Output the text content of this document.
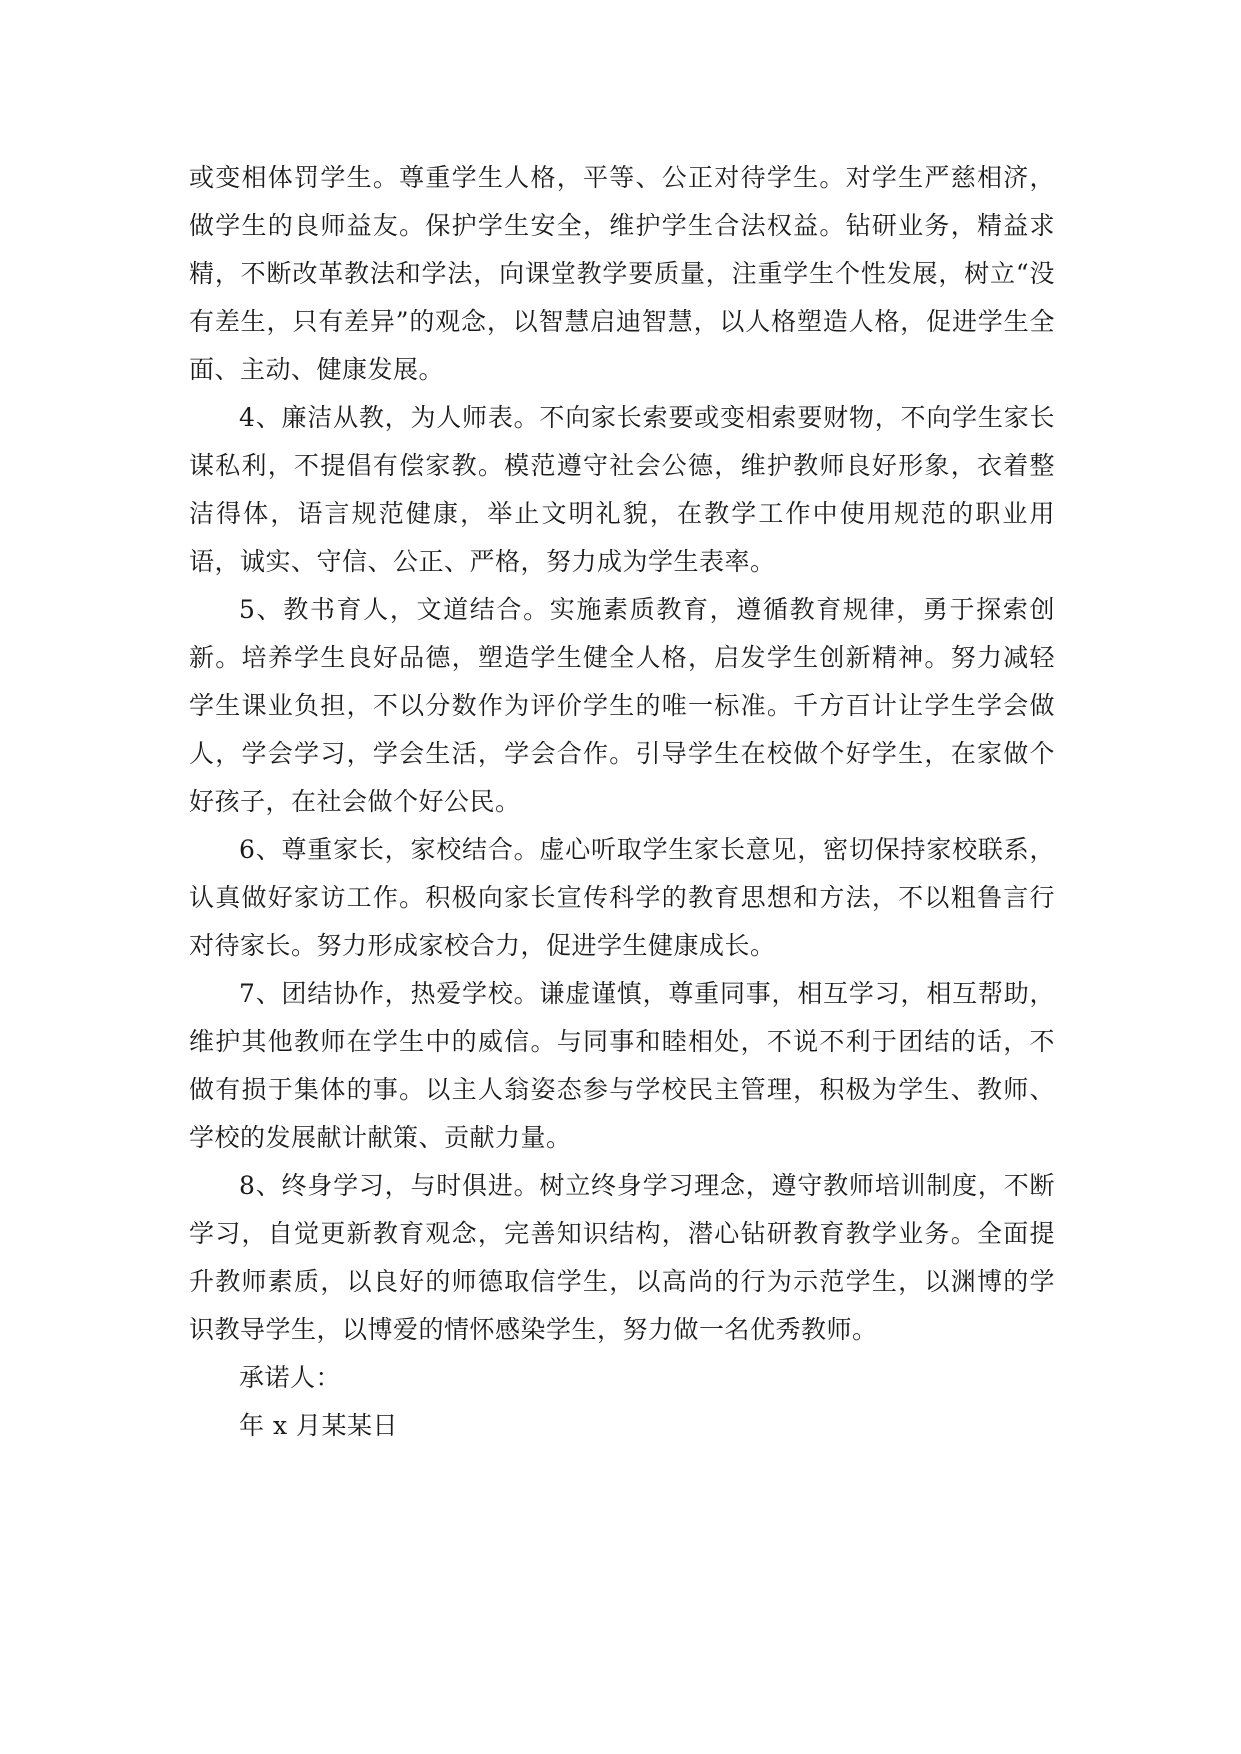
或变相体罚学生。尊重学生人格，平等、公正对待学生。对学生严慈相济，做学生的良师益友。保护学生安全，维护学生合法权益。钻研业务，精益求精，不断改革教法和学法，向课堂教学要质量，注重学生个性发展，树立“没有差生，只有差异”的观念，以智慧启迪智慧，以人格塑造人格，促进学生全面、主动、健康发展。

4、廉洁从教，为人师表。不向家长索要或变相索要财物，不向学生家长谋私利，不提倡有偿家教。模范遵守社会公德，维护教师良好形象，衣着整洁得体，语言规范健康，举止文明礼貌，在教学工作中使用规范的职业用语，诚实、守信、公正、严格，努力成为学生表率。

5、教书育人，文道结合。实施素质教育，遵循教育规律，勇于探索创新。培养学生良好品德，塑造学生健全人格，启发学生创新精神。努力减轻学生课业负担，不以分数作为评价学生的唯一标准。千方百计让学生学会做人，学会学习，学会生活，学会合作。引导学生在校做个好学生，在家做个好孩子，在社会做个好公民。

6、尊重家长，家校结合。虚心听取学生家长意见，密切保持家校联系，认真做好家访工作。积极向家长宣传科学的教育思想和方法，不以粗鲁言行对待家长。努力形成家校合力，促进学生健康成长。

7、团结协作，热爱学校。谦虚谨慎，尊重同事，相互学习，相互帮助，维护其他教师在学生中的威信。与同事和睦相处，不说不利于团结的话，不做有损于集体的事。以主人翁姿态参与学校民主管理，积极为学生、教师、学校的发展献计献策、贡献力量。

8、终身学习，与时俱进。树立终身学习理念，遵守教师培训制度，不断学习，自觉更新教育观念，完善知识结构，潜心钻研教育教学业务。全面提升教师素质，以良好的师德取信学生，以高尚的行为示范学生，以渊博的学识教导学生，以博爱的情怀感染学生，努力做一名优秀教师。

承诺人：

年 x 月某某日
